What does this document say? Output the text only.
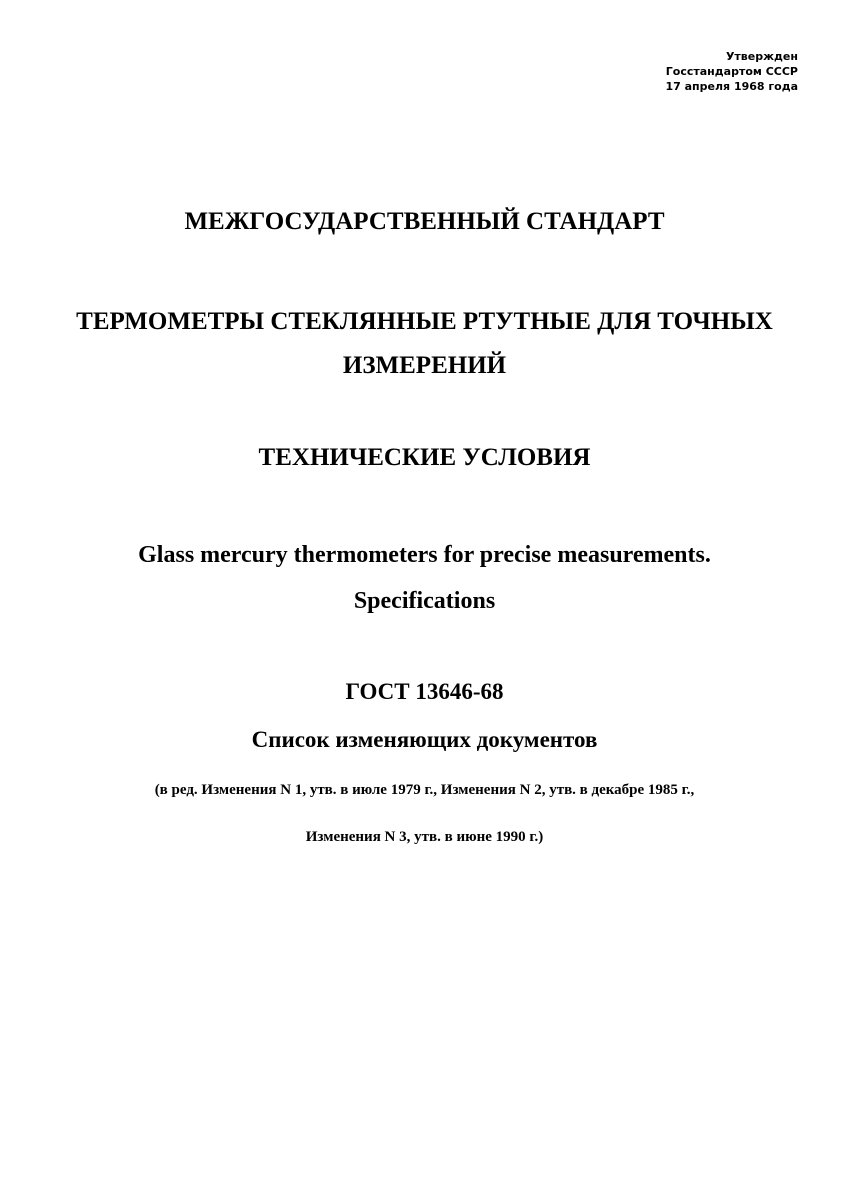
Утвержден
Госстандартом СССР
17 апреля 1968 года
МЕЖГОСУДАРСТВЕННЫЙ СТАНДАРТ
ТЕРМОМЕТРЫ СТЕКЛЯННЫЕ РТУТНЫЕ ДЛЯ ТОЧНЫХ
ИЗМЕРЕНИЙ
ТЕХНИЧЕСКИЕ УСЛОВИЯ
Glass mercury thermometers for precise measurements.
Specifications
ГОСТ 13646-68
Список изменяющих документов
(в ред. Изменения N 1, утв. в июле 1979 г., Изменения N 2, утв. в декабре 1985 г.,
Изменения N 3, утв. в июне 1990 г.)
